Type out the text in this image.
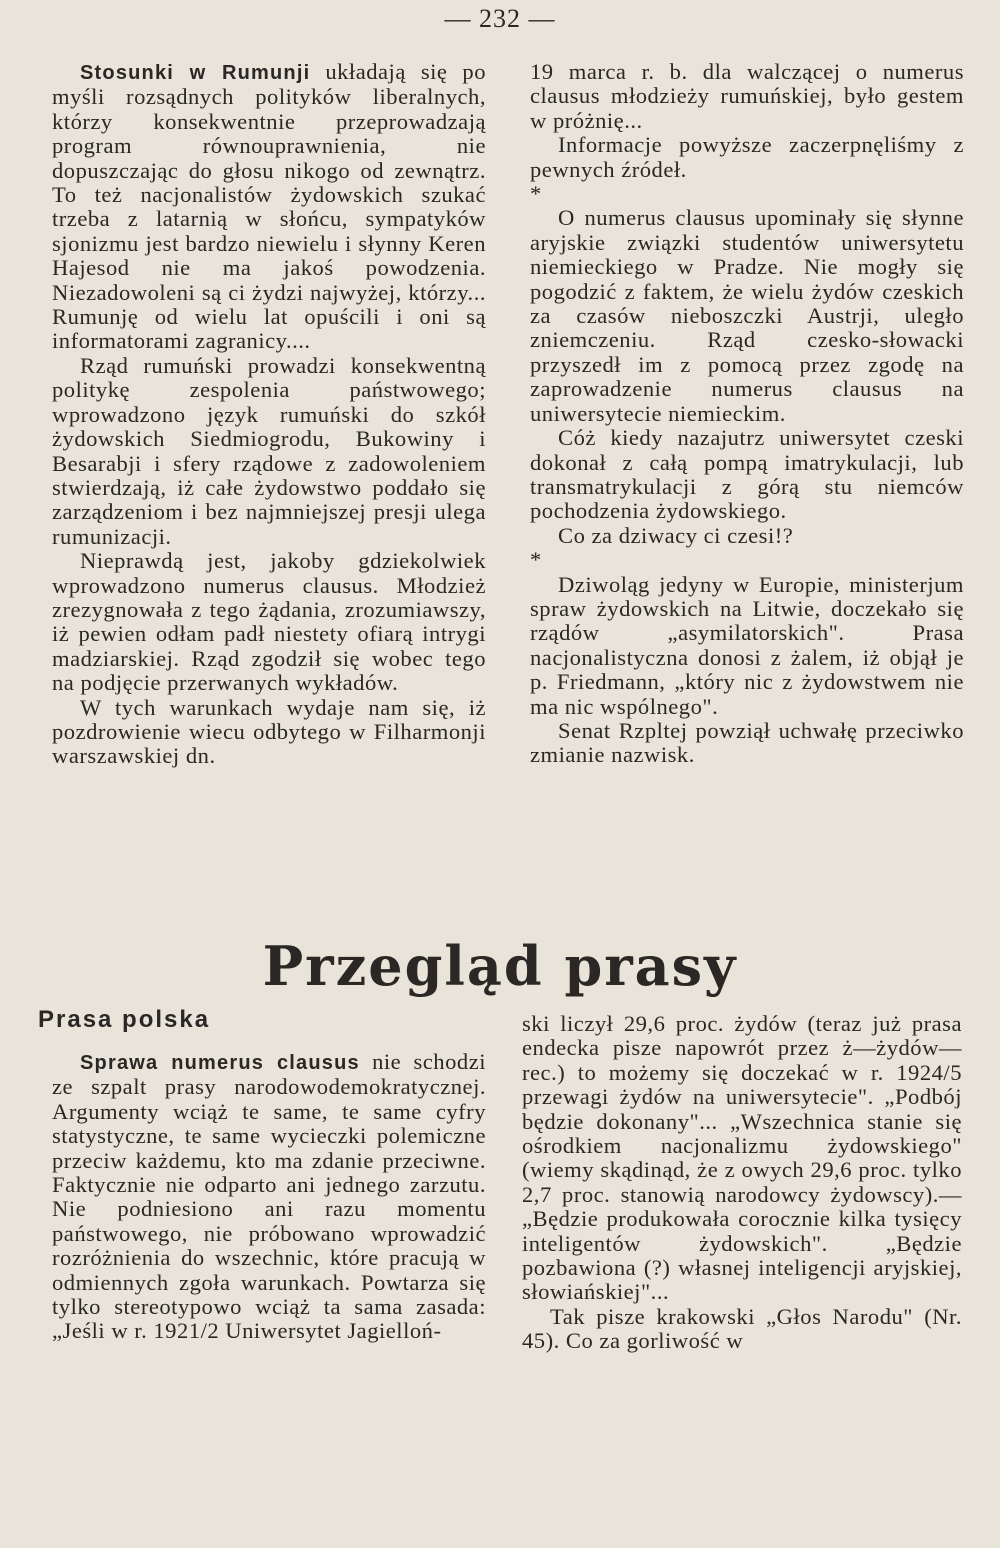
— 232 —

Stosunki w Rumunji układają się po myśli rozsądnych polityków liberalnych, którzy konsekwentnie przeprowadzają program równouprawnienia, nie dopuszczając do głosu nikogo od zewnątrz. To też nacjonalistów żydowskich szukać trzeba z latarnią w słońcu, sympatyków sjonizmu jest bardzo niewielu i słynny Keren Hajesod nie ma jakoś powodzenia. Niezadowoleni są ci żydzi najwyżej, którzy... Rumunję od wielu lat opuścili i oni są informatorami zagranicy....

Rząd rumuński prowadzi konsekwentną politykę zespolenia państwowego; wprowadzono język rumuński do szkół żydowskich Siedmiogrodu, Bukowiny i Besarabji i sfery rządowe z zadowoleniem stwierdzają, iż całe żydowstwo poddało się zarządzeniom i bez najmniejszej presji ulega rumunizacji.

Nieprawdą jest, jakoby gdziekolwiek wprowadzono numerus clausus. Młodzież zrezygnowała z tego żądania, zrozumiawszy, iż pewien odłam padł niestety ofiarą intrygi madziarskiej. Rząd zgodził się wobec tego na podjęcie przerwanych wykładów.

W tych warunkach wydaje nam się, iż pozdrowienie wiecu odbytego w Filharmonji warszawskiej dn.

19 marca r. b. dla walczącej o numerus clausus młodzieży rumuńskiej, było gestem w próżnię...

Informacje powyższe zaczerpnęliśmy z pewnych źródeł.

*

O numerus clausus upominały się słynne aryjskie związki studentów uniwersytetu niemieckiego w Pradze. Nie mogły się pogodzić z faktem, że wielu żydów czeskich za czasów nieboszczki Austrji, uległo zniemczeniu. Rząd czesko-słowacki przyszedł im z pomocą przez zgodę na zaprowadzenie numerus clausus na uniwersytecie niemieckim.

Cóż kiedy nazajutrz uniwersytet czeski dokonał z całą pompą imatrykulacji, lub transmatrykulacji z górą stu niemców pochodzenia żydowskiego.

Co za dziwacy ci czesi!?

*

Dziwoląg jedyny w Europie, ministerjum spraw żydowskich na Litwie, doczekało się rządów „asymilatorskich". Prasa nacjonalistyczna donosi z żalem, iż objął je p. Friedmann, „który nic z żydowstwem nie ma nic wspólnego".

Senat Rzpltej powziął uchwałę przeciwko zmianie nazwisk.

Przegląd prasy
Prasa polska

Sprawa numerus clausus nie schodzi ze szpalt prasy narodowodemokratycznej. Argumenty wciąż te same, te same cyfry statystyczne, te same wycieczki polemiczne przeciw każdemu, kto ma zdanie przeciwne. Faktycznie nie odparto ani jednego zarzutu. Nie podniesiono ani razu momentu państwowego, nie próbowano wprowadzić rozróżnienia do wszechnic, które pracują w odmiennych zgoła warunkach. Powtarza się tylko stereotypowo wciąż ta sama zasada: „Jeśli w r. 1921/2 Uniwersytet Jagielloń-

ski liczył 29,6 proc. żydów (teraz już prasa endecka pisze napowrót przez ż—żydów—rec.) to możemy się doczekać w r. 1924/5 przewagi żydów na uniwersytecie". „Podbój będzie dokonany"... „Wszechnica stanie się ośrodkiem nacjonalizmu żydowskiego" (wiemy skądinąd, że z owych 29,6 proc. tylko 2,7 proc. stanowią narodowcy żydowscy).— „Będzie produkowała corocznie kilka tysięcy inteligentów żydowskich". „Będzie pozbawiona (?) własnej inteligencji aryjskiej, słowiańskiej"...

Tak pisze krakowski „Głos Narodu" (Nr. 45). Co za gorliwość w
